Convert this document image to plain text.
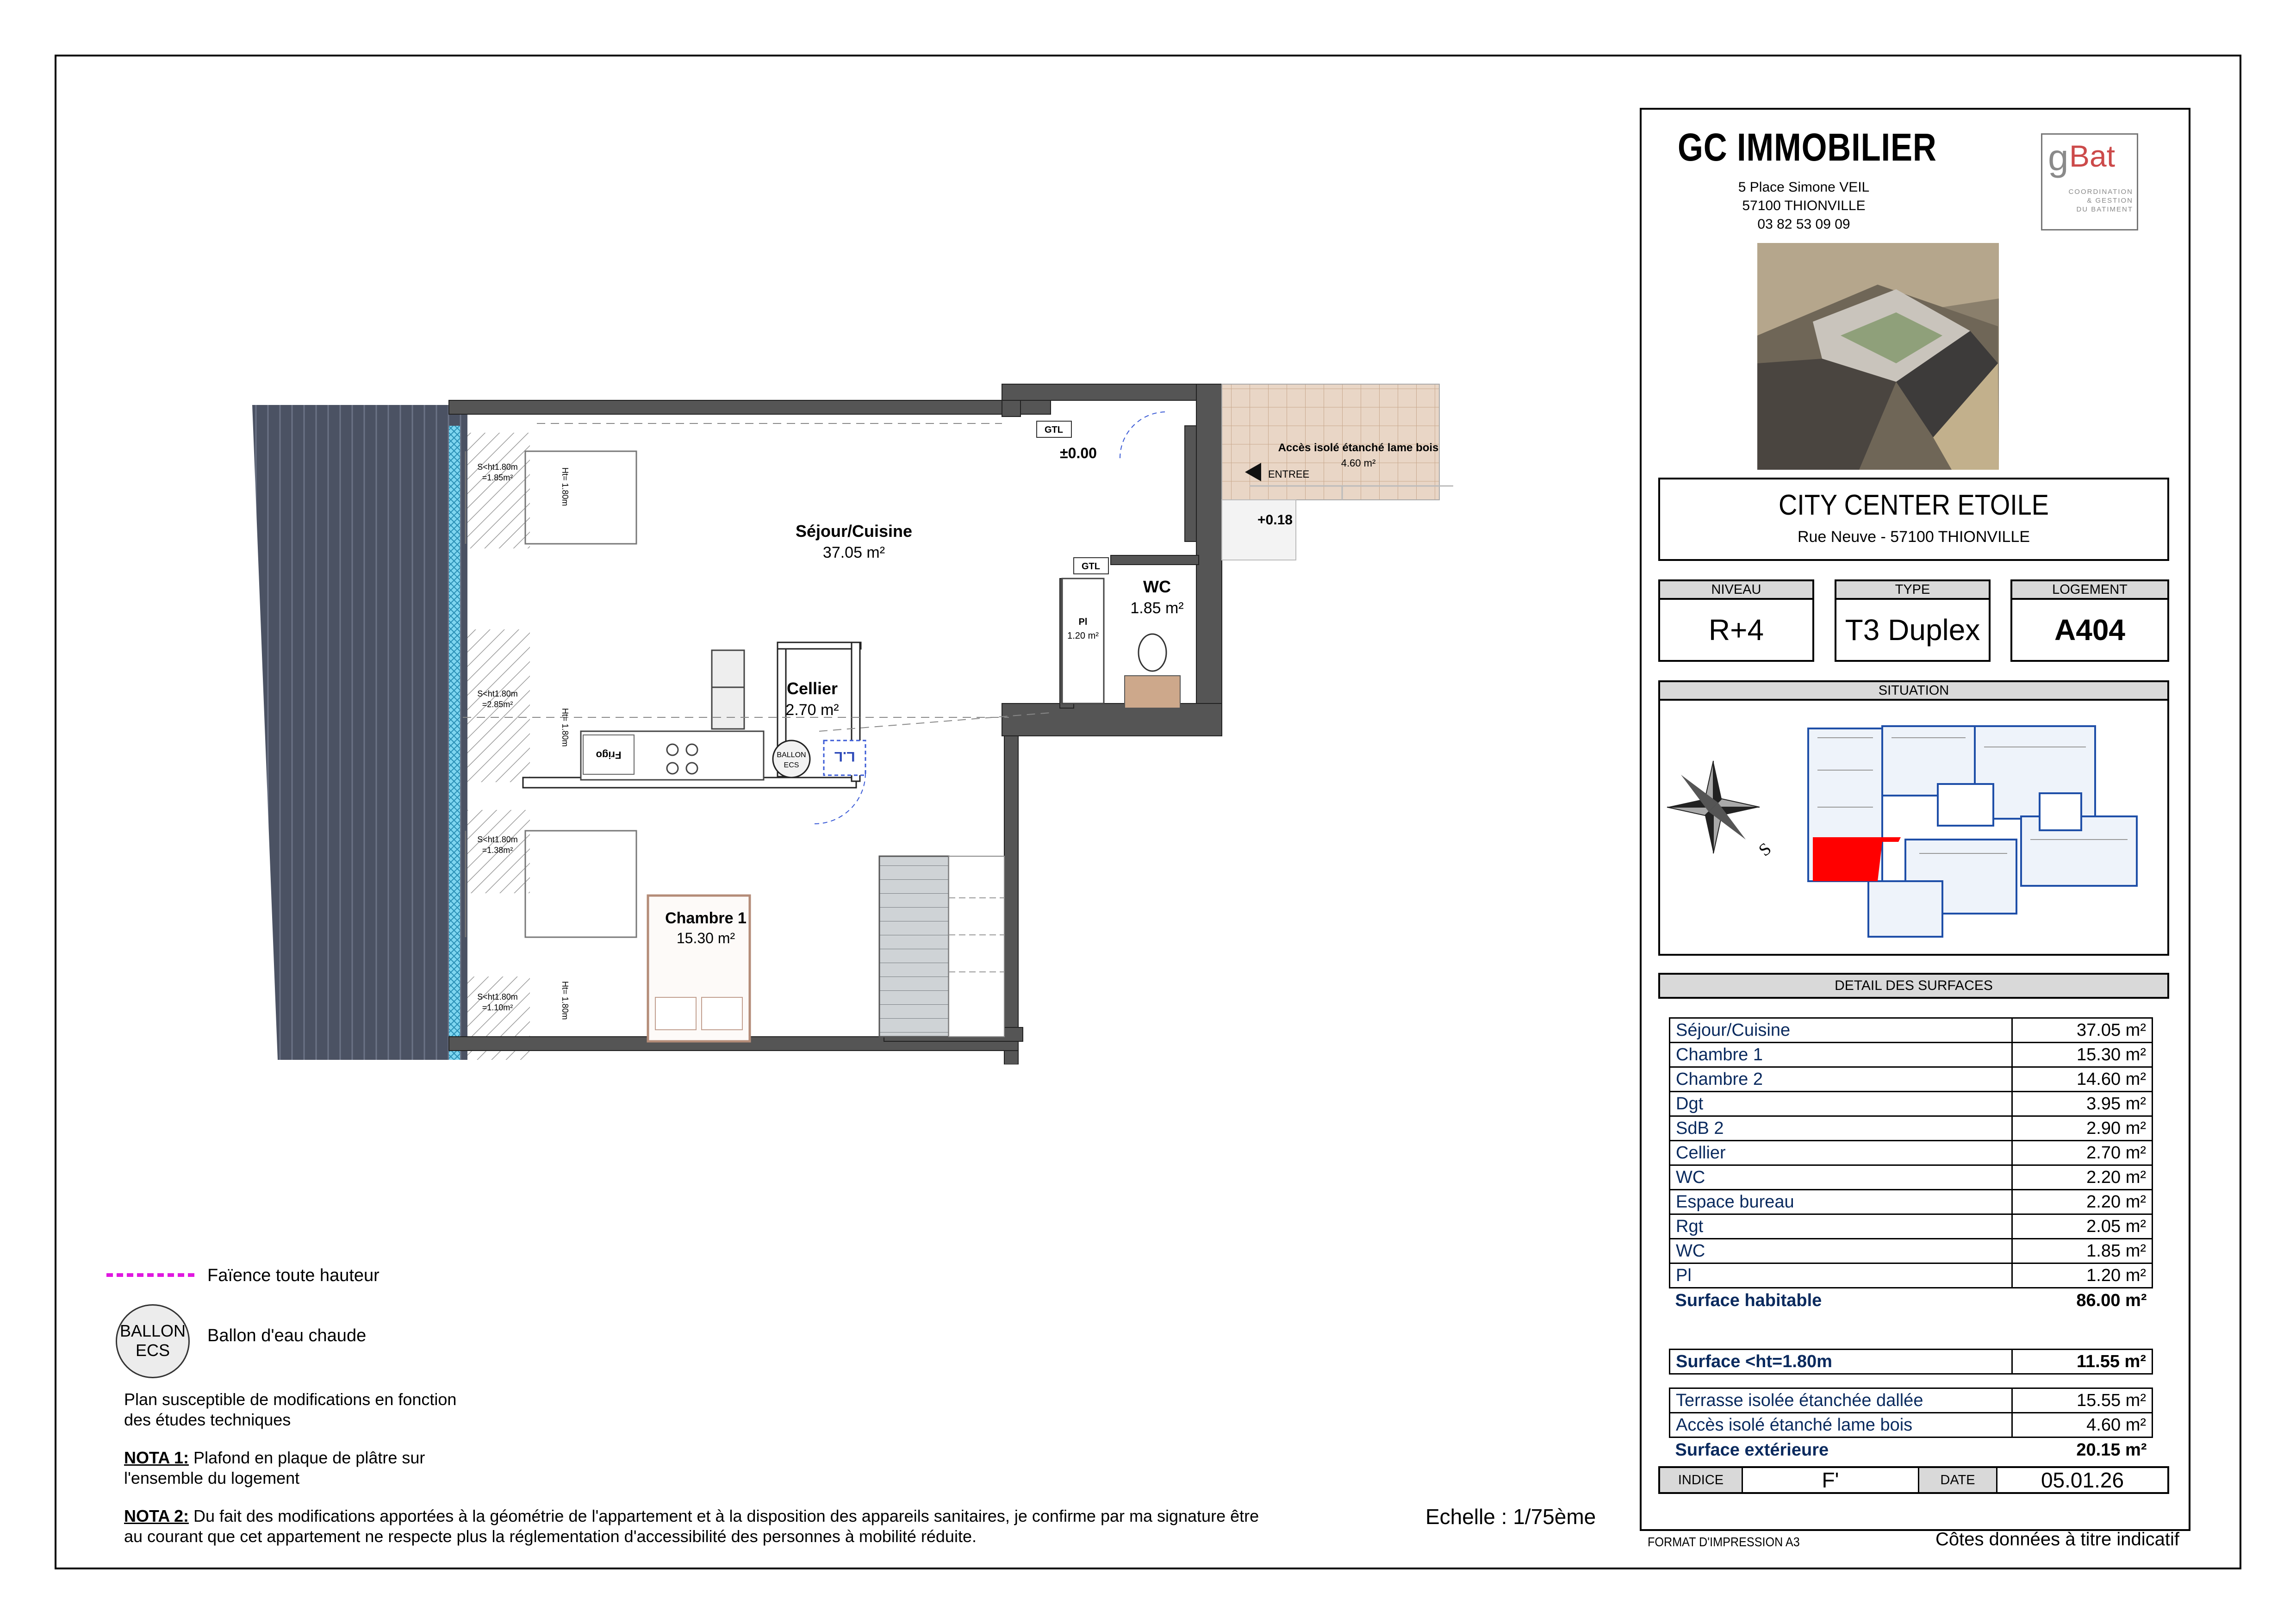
Frigo	BALLON
ECS
L.L
GTL
GTL
Séjour/Cuisine
37.05 m²
±0.00
WC
1.85 m²
Pl
1.20 m²
Cellier
2.70 m²
Chambre 1
15.30 m²
Accès isolé étanché lame bois
4.60 m²
ENTREE
+0.18
S<ht1.80m
=1.85m²	Ht= 1.80m
S<ht1.80m
=2.85m²
Ht= 1.80m
S<ht1.80m
=1.38m²
S<ht1.80m
=1.10m²	Ht= 1.80m
Faïence toute hauteur
BALLON
ECS
Ballon d'eau chaude
Plan susceptible de modifications en fonction des études techniques
NOTA 1: Plafond en plaque de plâtre sur l'ensemble du logement
NOTA 2: Du fait des modifications apportées à la géométrie de l'appartement et à la disposition des appareils sanitaires, je confirme par ma signature être au courant que cet appartement ne respecte plus la réglementation d'accessibilité des personnes à mobilité réduite.
Echelle : 1/75ème
GC IMMOBILIER
5 Place Simone VEIL
57100 THIONVILLE
03 82 53 09 09
g Bat
COORDINATION
& GESTION
DU BATIMENT
CITY CENTER ETOILE
Rue Neuve - 57100 THIONVILLE
NIVEAU
R+4
TYPE
T3 Duplex
LOGEMENT
A404
SITUATION
S
DETAIL DES SURFACES
Séjour/Cuisine	37.05 m²
Chambre 1	15.30 m²
Chambre 2	14.60 m²
Dgt	3.95 m²
SdB 2	2.90 m²
Cellier	2.70 m²
WC	2.20 m²
Espace bureau	2.20 m²
Rgt	2.05 m²
WC	1.85 m²
Pl	1.20 m²
Surface habitable	86.00 m²
Surface <ht=1.80m	11.55 m²
Terrasse isolée étanchée dallée	15.55 m²
Accès isolé étanché lame bois	4.60 m²
Surface extérieure	20.15 m²
INDICE	F'	DATE	05.01.26
FORMAT D'IMPRESSION A3	Côtes données à titre indicatif
